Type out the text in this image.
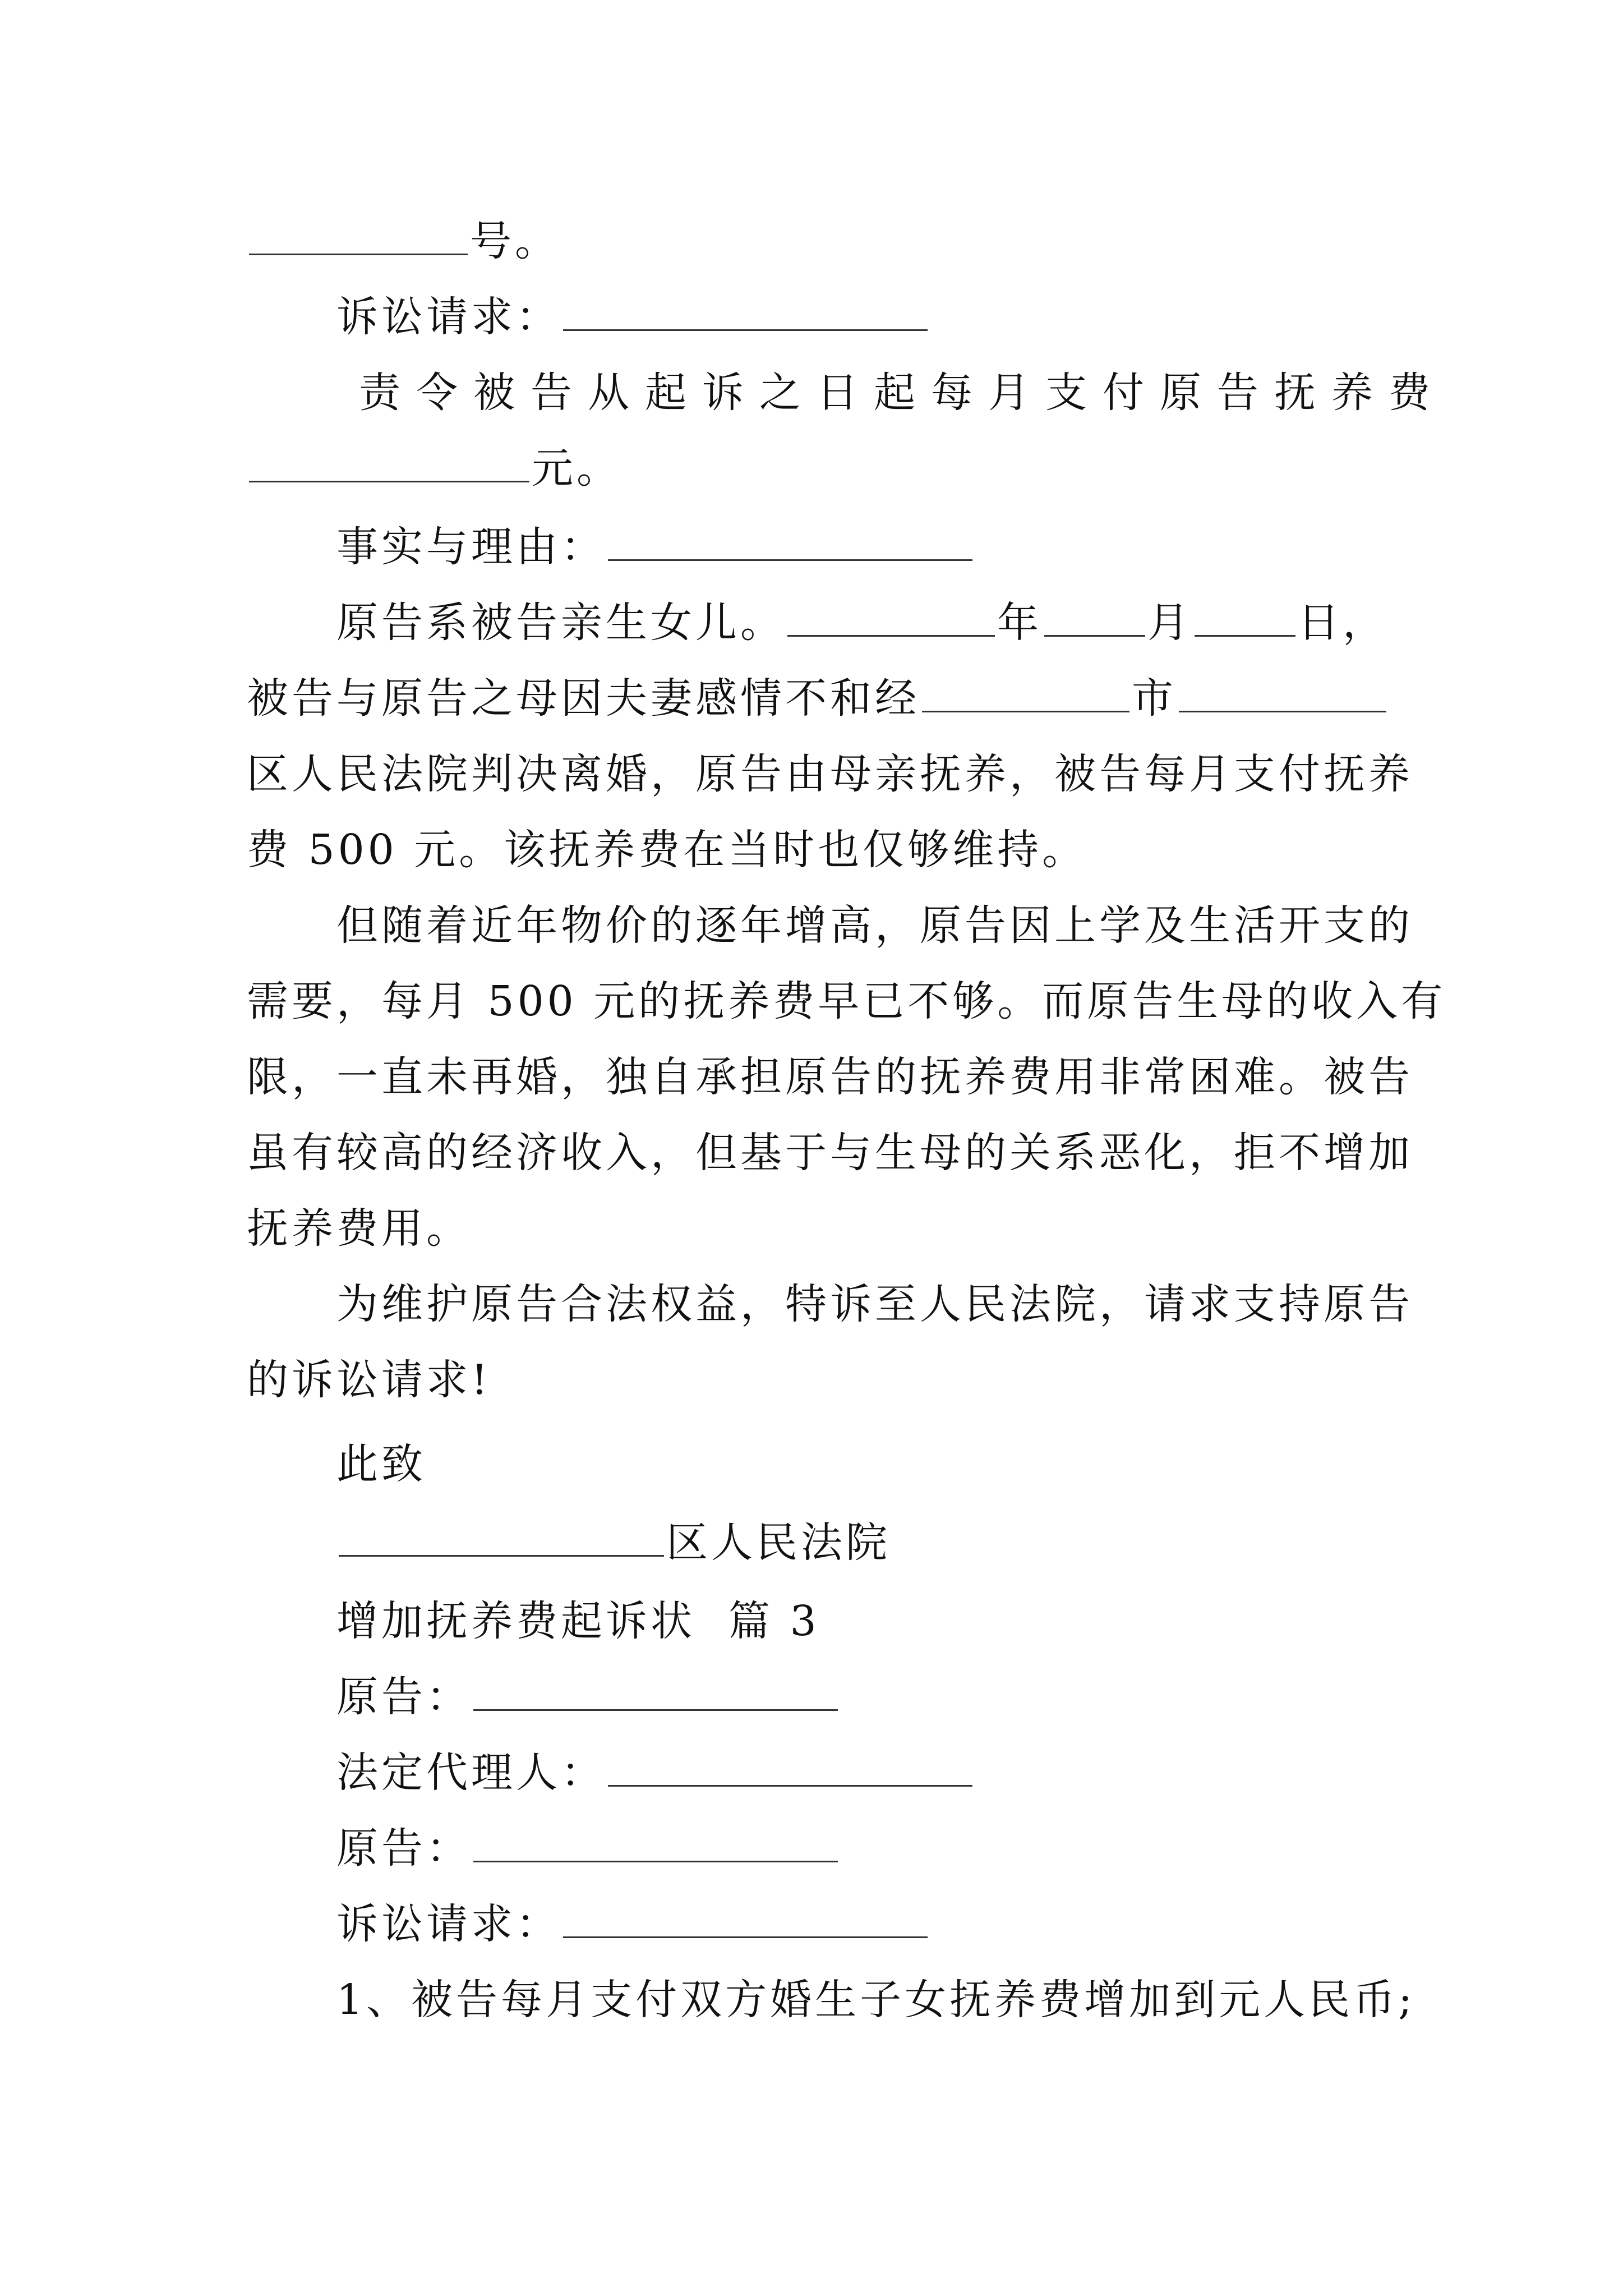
号。
诉讼请求：
责令被告从起诉之日起每月支付原告抚养费
元。
事实与理由：
原告系被告亲生女儿。	年	月	日，
被告与原告之母因夫妻感情不和经	市
区人民法院判决离婚，原告由母亲抚养，被告每月支付抚养
费 500 元。该抚养费在当时也仅够维持。
但随着近年物价的逐年增高，原告因上学及生活开支的
需要，每月 500 元的抚养费早已不够。而原告生母的收入有
限，一直未再婚，独自承担原告的抚养费用非常困难。被告
虽有较高的经济收入，但基于与生母的关系恶化，拒不增加
抚养费用。
为维护原告合法权益，特诉至人民法院，请求支持原告
的诉讼请求!
此致
区人民法院
增加抚养费起诉状  篇 3
原告：
法定代理人：
原告：
诉讼请求：
1、被告每月支付双方婚生子女抚养费增加到元人民币;
